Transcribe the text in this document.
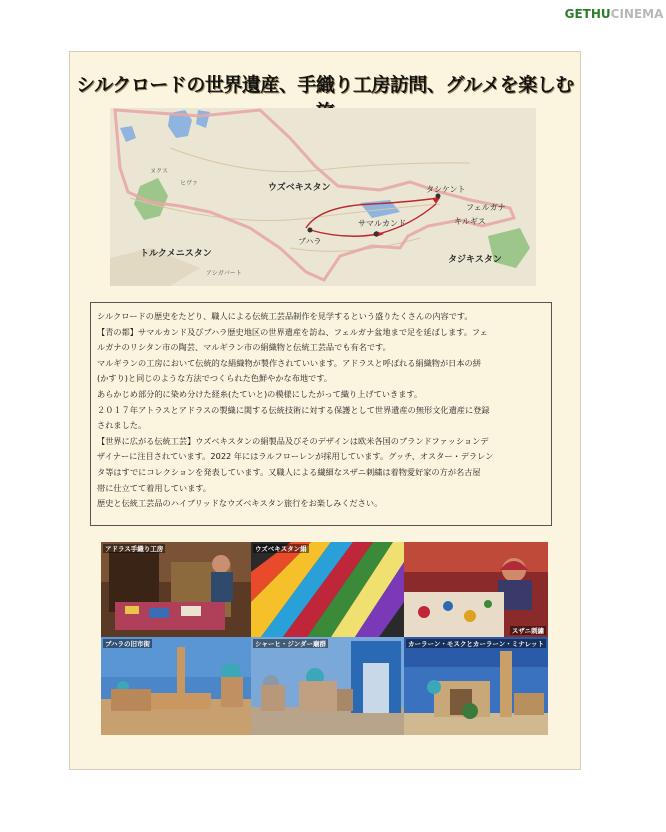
GETHU CINEMA
シルクロードの世界遺産、手織り工房訪問、グルメを楽しむ
ウズベキスタン
トルクメニスタン
タジキスタン
キルギス
タシケント
サマルカンド
ブハラ
フェルガナ
ヌクス
ヒヴァ
アシガバート

シルクロードの歴史をたどり、職人による伝統工芸品制作を見学するという盛りたくさんの内容です。

【青の都】サマルカンド及びブハラ歴史地区の世界遺産を訪ね、フェルガナ盆地まで足を延ばします。フェ

ルガナのリシタン市の陶芸、マルギラン市の絹織物と伝統工芸品でも有名です。

マルギランの工房において伝統的な絹織物が製作されていいます。アドラスと呼ばれる絹織物が日本の絣

(かすり)と同じのような方法でつくられた色鮮やかな布地です。

あらかじめ部分的に染め分けた経糸(たていと)の模様にしたがって織り上げていきます。

２０１７年アトラスとアドラスの製織に関する伝統技術に対する保護として世界遺産の無形文化遺産に登録

されました。

【世界に広がる伝統工芸】ウズベキスタンの絹製品及びそのデザインは欧米各国のブランドファッションデ

ザイナーに注目されています。2022 年にはラルフローレンが採用しています。グッチ、オスター・デラレン

タ等はすでにコレクションを発表しています。又職人による繊細なスザニ刺繍は着物愛好家の方が名古屋

帯に仕立てて着用しています。

歴史と伝統工芸品のハイブリッドなウズベキスタン旅行をお楽しみください。

アドラス手織り工房	ウズベキスタン絹
スザニ刺繍
ブハラの旧市街	シャーヒ・ジンダー廟群	カーラーン・モスクとカーラーン・ミナレット
